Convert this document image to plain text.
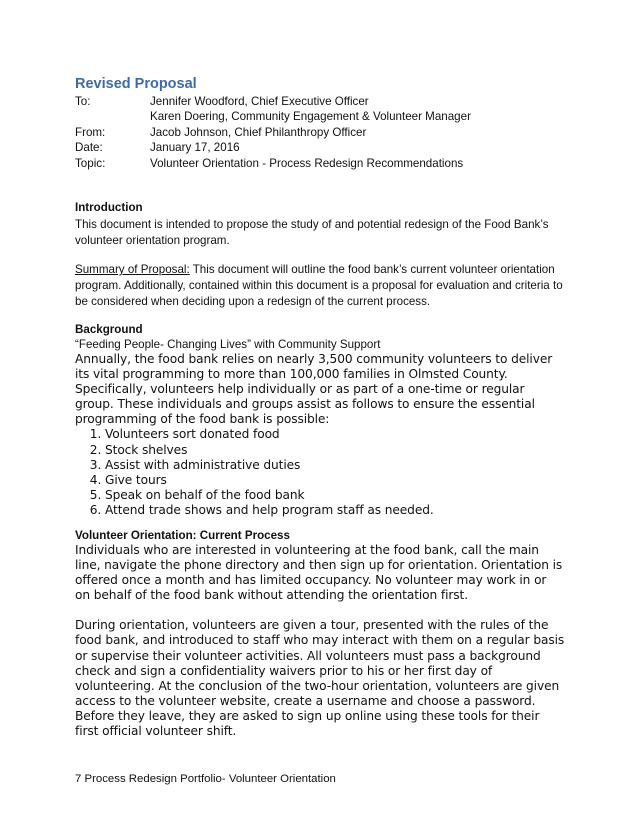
Revised Proposal
To:	Jennifer Woodford, Chief Executive Officer
Karen Doering, Community Engagement & Volunteer Manager
From:	Jacob Johnson, Chief Philanthropy Officer
Date:	January 17, 2016
Topic:	Volunteer Orientation - Process Redesign Recommendations
Introduction
This document is intended to propose the study of and potential redesign of the Food Bank’s volunteer orientation program.
Summary of Proposal: This document will outline the food bank’s current volunteer orientation program. Additionally, contained within this document is a proposal for evaluation and criteria to be considered when deciding upon a redesign of the current process.
Background
“Feeding People- Changing Lives” with Community Support
Annually, the food bank relies on nearly 3,500 community volunteers to deliver its vital programming to more than 100,000 families in Olmsted County. Specifically, volunteers help individually or as part of a one-time or regular group. These individuals and groups assist as follows to ensure the essential programming of the food bank is possible:
1. Volunteers sort donated food
2. Stock shelves
3. Assist with administrative duties
4. Give tours
5. Speak on behalf of the food bank
6. Attend trade shows and help program staff as needed.
Volunteer Orientation: Current Process
Individuals who are interested in volunteering at the food bank, call the main line, navigate the phone directory and then sign up for orientation. Orientation is offered once a month and has limited occupancy. No volunteer may work in or on behalf of the food bank without attending the orientation first.
During orientation, volunteers are given a tour, presented with the rules of the food bank, and introduced to staff who may interact with them on a regular basis or supervise their volunteer activities. All volunteers must pass a background check and sign a confidentiality waivers prior to his or her first day of volunteering. At the conclusion of the two-hour orientation, volunteers are given access to the volunteer website, create a username and choose a password. Before they leave, they are asked to sign up online using these tools for their first official volunteer shift.
7 Process Redesign Portfolio- Volunteer Orientation
